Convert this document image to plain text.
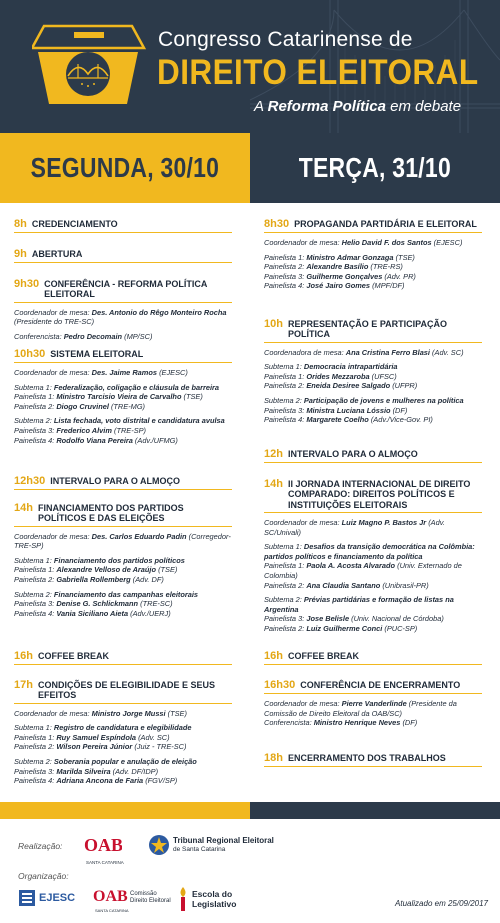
Congresso Catarinense de
DIREITO ELEITORAL
A Reforma Política em debate
SEGUNDA, 30/10	TERÇA, 31/10
8h CREDENCIAMENTO
9h ABERTURA
9h30 CONFERÊNCIA - REFORMA POLÍTICA ELEITORAL
Coordenador de mesa: Des. Antonio do Rêgo Monteiro Rocha
(Presidente do TRE-SC)
Conferencista: Pedro Decomain (MP/SC)
10h30 SISTEMA ELEITORAL
Coordenador de mesa: Des. Jaime Ramos (EJESC)
Subtema 1: Federalização, coligação e cláusula de barreira
Painelista 1: Ministro Tarcisio Vieira de Carvalho (TSE)
Painelista 2: Diogo Cruvinel (TRE-MG)
Subtema 2: Lista fechada, voto distrital e candidatura avulsa
Painelista 3: Frederico Alvim (TRE-SP)
Painelista 4: Rodolfo Viana Pereira (Adv./UFMG)
12h30 INTERVALO PARA O ALMOÇO
14h FINANCIAMENTO DOS PARTIDOS POLÍTICOS E DAS ELEIÇÕES
Coordenador de mesa: Des. Carlos Eduardo Padin (Corregedor-
TRE-SP)
Subtema 1: Financiamento dos partidos políticos
Painelista 1: Alexandre Velloso de Araújo (TSE)
Painelista 2: Gabriella Rollemberg (Adv. DF)
Subtema 2: Financiamento das campanhas eleitorais
Painelista 3: Denise G. Schlickmann (TRE-SC)
Painelista 4: Vania Siciliano Aieta (Adv./UERJ)
16h COFFEE BREAK
17h CONDIÇÕES DE ELEGIBILIDADE E SEUS EFEITOS
Coordenador de mesa: Ministro Jorge Mussi (TSE)
Subtema 1: Registro de candidatura e elegibilidade
Painelista 1: Ruy Samuel Espíndola (Adv. SC)
Painelista 2: Wilson Pereira Júnior (Juiz - TRE-SC)
Subtema 2: Soberania popular e anulação de eleição
Painelista 3: Marilda Silveira (Adv. DF/IDP)
Painelista 4: Adriana Ancona de Faria (FGV/SP)
8h30 PROPAGANDA PARTIDÁRIA E ELEITORAL
Coordenador de mesa: Helio David F. dos Santos (EJESC)
Painelista 1: Ministro Admar Gonzaga (TSE)
Painelista 2: Alexandre Basílio (TRE-RS)
Painelista 3: Guilherme Gonçalves (Adv. PR)
Painelista 4: José Jairo Gomes (MPF/DF)
10h REPRESENTAÇÃO E PARTICIPAÇÃO POLÍTICA
Coordenadora de mesa: Ana Cristina Ferro Blasi (Adv. SC)
Subtema 1: Democracia intrapartidária
Painelista 1: Orides Mezzaroba (UFSC)
Painelista 2: Eneida Desiree Salgado (UFPR)
Subtema 2: Participação de jovens e mulheres na política
Painelista 3: Ministra Luciana Lóssio (DF)
Painelista 4: Margarete Coelho (Adv./Vice-Gov. PI)
12h INTERVALO PARA O ALMOÇO
14h II JORNADA INTERNACIONAL DE DIREITO COMPARADO: DIREITOS POLÍTICOS E INSTITUIÇÕES ELEITORAIS
Coordenador de mesa: Luiz Magno P. Bastos Jr (Adv. SC/Univali)
Subtema 1: Desafios da transição democrática na Colômbia: partidos políticos e financiamento da política
Painelista 1: Paola A. Acosta Alvarado (Univ. Externado de Colombia)
Painelista 2: Ana Claudia Santano (Unibrasil-PR)
Subtema 2: Prévias partidárias e formação de listas na Argentina
Painelista 3: Jose Belisle (Univ. Nacional de Córdoba)
Painelista 2: Luiz Guilherme Conci (PUC-SP)
16h COFFEE BREAK
16h30 CONFERÊNCIA DE ENCERRAMENTO
Coordenador de mesa: Pierre Vanderlinde (Presidente da Comissão de Direito Eleitoral da OAB/SC)
Conferencista: Ministro Henrique Neves (DF)
18h ENCERRAMENTO DOS TRABALHOS
Realização: OAB
SANTA CATARINA
Tribunal Regional Eleitoral
de Santa Catarina
Organização:
EJESC OAB
SANTA CATARINA
Comissão
Direito Eleitoral
Escola do
Legislativo	Atualizado em 25/09/2017
